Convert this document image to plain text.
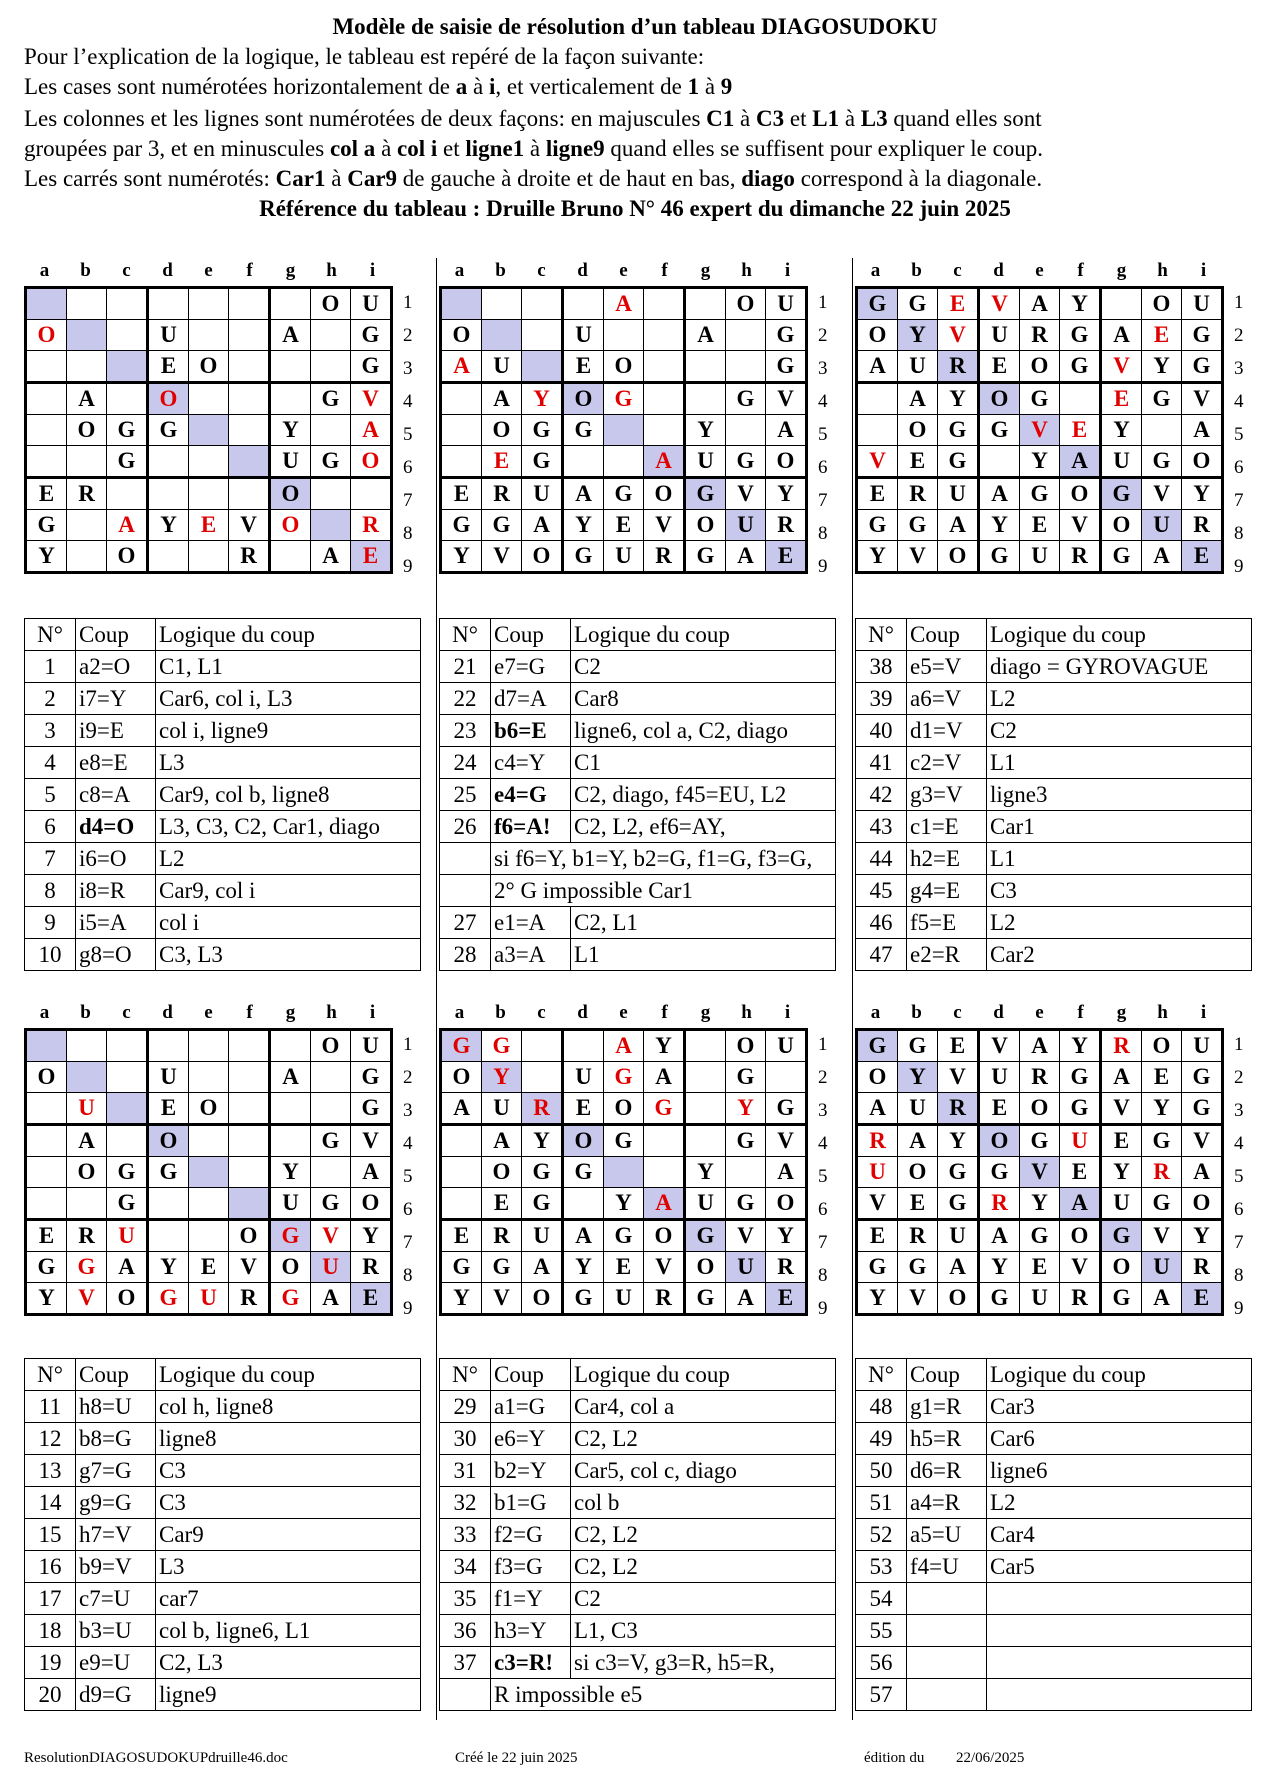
Modèle de saisie de résolution d’un tableau DIAGOSUDOKU
Pour l’explication de la logique, le tableau est repéré de la façon suivante:
Les cases sont numérotées horizontalement de a à i, et verticalement de 1 à 9
Les colonnes et les lignes sont numérotées de deux façons: en majuscules C1 à C3 et L1 à L3 quand elles sont
groupées par 3, et en minuscules col a à col i et ligne1 à ligne9 quand elles se suffisent pour expliquer le coup.
Les carrés sont numérotés: Car1 à Car9 de gauche à droite et de haut en bas, diago correspond à la diagonale.
Référence du tableau : Druille Bruno N° 46 expert du dimanche 22 juin 2025
a	b	c	d	e	f	g	h	i
							O	U
O			U			A		G
			E	O				G
	A		O				G	V
	O	G	G			Y		A
		G				U	G	O
E	R					O		
G		A	Y	E	V	O		R
Y		O			R		A	E
1
2
3
4
5
6
7
8
9
N°	Coup	Logique du coup
1	a2=O	C1, L1
2	i7=Y	Car6, col i, L3
3	i9=E	col i, ligne9
4	e8=E	L3
5	c8=A	Car9, col b, ligne8
6	d4=O	L3, C3, C2, Car1, diago
7	i6=O	L2
8	i8=R	Car9, col i
9	i5=A	col i
10	g8=O	C3, L3
a	b	c	d	e	f	g	h	i
				A			O	U
O			U			A		G
A	U		E	O				G
	A	Y	O	G			G	V
	O	G	G			Y		A
	E	G			A	U	G	O
E	R	U	A	G	O	G	V	Y
G	G	A	Y	E	V	O	U	R
Y	V	O	G	U	R	G	A	E
1
2
3
4
5
6
7
8
9
N°	Coup	Logique du coup
21	e7=G	C2
22	d7=A	Car8
23	b6=E	ligne6, col a, C2, diago
24	c4=Y	C1
25	e4=G	C2, diago, f45=EU, L2
26	f6=A!	C2, L2, ef6=AY,
	si f6=Y, b1=Y, b2=G, f1=G, f3=G,	
	2° G impossible Car1	
27	e1=A	C2, L1
28	a3=A	L1
a	b	c	d	e	f	g	h	i
G	G	E	V	A	Y		O	U
O	Y	V	U	R	G	A	E	G
A	U	R	E	O	G	V	Y	G
	A	Y	O	G		E	G	V
	O	G	G	V	E	Y		A
V	E	G		Y	A	U	G	O
E	R	U	A	G	O	G	V	Y
G	G	A	Y	E	V	O	U	R
Y	V	O	G	U	R	G	A	E
1
2
3
4
5
6
7
8
9
N°	Coup	Logique du coup
38	e5=V	diago = GYROVAGUE
39	a6=V	L2
40	d1=V	C2
41	c2=V	L1
42	g3=V	ligne3
43	c1=E	Car1
44	h2=E	L1
45	g4=E	C3
46	f5=E	L2
47	e2=R	Car2
a	b	c	d	e	f	g	h	i
							O	U
O			U			A		G
	U		E	O				G
	A		O				G	V
	O	G	G			Y		A
		G				U	G	O
E	R	U			O	G	V	Y
G	G	A	Y	E	V	O	U	R
Y	V	O	G	U	R	G	A	E
1
2
3
4
5
6
7
8
9
N°	Coup	Logique du coup
11	h8=U	col h, ligne8
12	b8=G	ligne8
13	g7=G	C3
14	g9=G	C3
15	h7=V	Car9
16	b9=V	L3
17	c7=U	car7
18	b3=U	col b, ligne6, L1
19	e9=U	C2, L3
20	d9=G	ligne9
a	b	c	d	e	f	g	h	i
G	G			A	Y		O	U
O	Y		U	G	A		G	
A	U	R	E	O	G		Y	G
	A	Y	O	G			G	V
	O	G	G			Y		A
	E	G		Y	A	U	G	O
E	R	U	A	G	O	G	V	Y
G	G	A	Y	E	V	O	U	R
Y	V	O	G	U	R	G	A	E
1
2
3
4
5
6
7
8
9
N°	Coup	Logique du coup
29	a1=G	Car4, col a
30	e6=Y	C2, L2
31	b2=Y	Car5, col c, diago
32	b1=G	col b
33	f2=G	C2, L2
34	f3=G	C2, L2
35	f1=Y	C2
36	h3=Y	L1, C3
37	c3=R!	si c3=V, g3=R, h5=R,
	R impossible e5	
a	b	c	d	e	f	g	h	i
G	G	E	V	A	Y	R	O	U
O	Y	V	U	R	G	A	E	G
A	U	R	E	O	G	V	Y	G
R	A	Y	O	G	U	E	G	V
U	O	G	G	V	E	Y	R	A
V	E	G	R	Y	A	U	G	O
E	R	U	A	G	O	G	V	Y
G	G	A	Y	E	V	O	U	R
Y	V	O	G	U	R	G	A	E
1
2
3
4
5
6
7
8
9
N°	Coup	Logique du coup
48	g1=R	Car3
49	h5=R	Car6
50	d6=R	ligne6
51	a4=R	L2
52	a5=U	Car4
53	f4=U	Car5
54		
55		
56		
57		
ResolutionDIAGOSUDOKUPdruille46.doc	Créé le 22 juin 2025	édition du 22/06/2025
